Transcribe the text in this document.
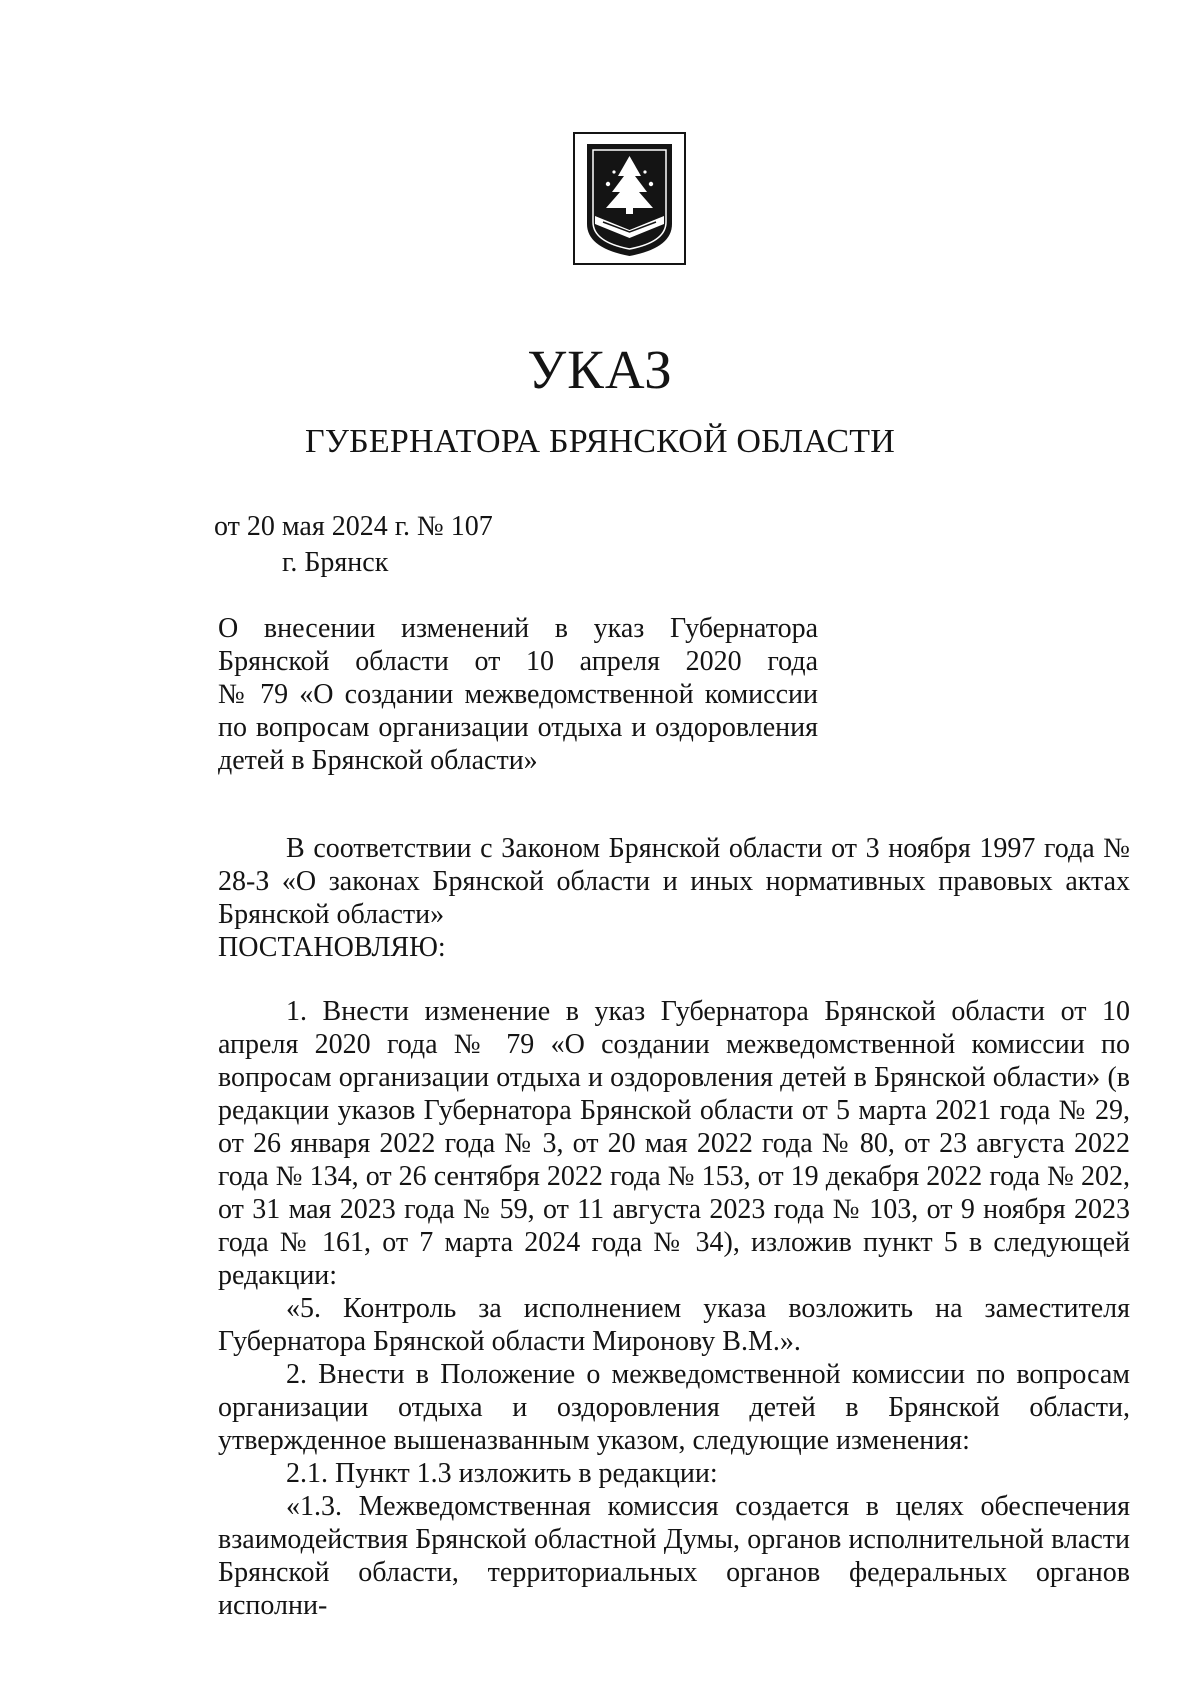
УКАЗ
ГУБЕРНАТОРА БРЯНСКОЙ ОБЛАСТИ
от 20 мая 2024 г. № 107
г. Брянск
О внесении изменений в указ Губернатора
Брянской области от 10 апреля 2020 года
№ 79 «О создании межведомственной комиссии
по вопросам организации отдыха и оздоровления
детей в Брянской области»

В соответствии с Законом Брянской области от 3 ноября 1997 года № 28-З «О законах Брянской области и иных нормативных правовых актах Брянской области»

ПОСТАНОВЛЯЮ:

1. Внести изменение в указ Губернатора Брянской области от 10 апреля 2020 года № 79 «О создании межведомственной комиссии по вопросам организации отдыха и оздоровления детей в Брянской области» (в редакции указов Губернатора Брянской области от 5 марта 2021 года № 29, от 26 января 2022 года № 3, от 20 мая 2022 года № 80, от 23 августа 2022 года № 134, от 26 сентября 2022 года № 153, от 19 декабря 2022 года № 202, от 31 мая 2023 года № 59, от 11 августа 2023 года № 103, от 9 ноября 2023 года № 161, от 7 марта 2024 года № 34), изложив пункт 5 в следующей редакции:

«5. Контроль за исполнением указа возложить на заместителя Губернатора Брянской области Миронову В.М.».

2. Внести в Положение о межведомственной комиссии по вопросам организации отдыха и оздоровления детей в Брянской области, утвержденное вышеназванным указом, следующие изменения:

2.1. Пункт 1.3 изложить в редакции:

«1.3. Межведомственная комиссия создается в целях обеспечения взаимодействия Брянской областной Думы, органов исполнительной власти Брянской области, территориальных органов федеральных органов исполни-
